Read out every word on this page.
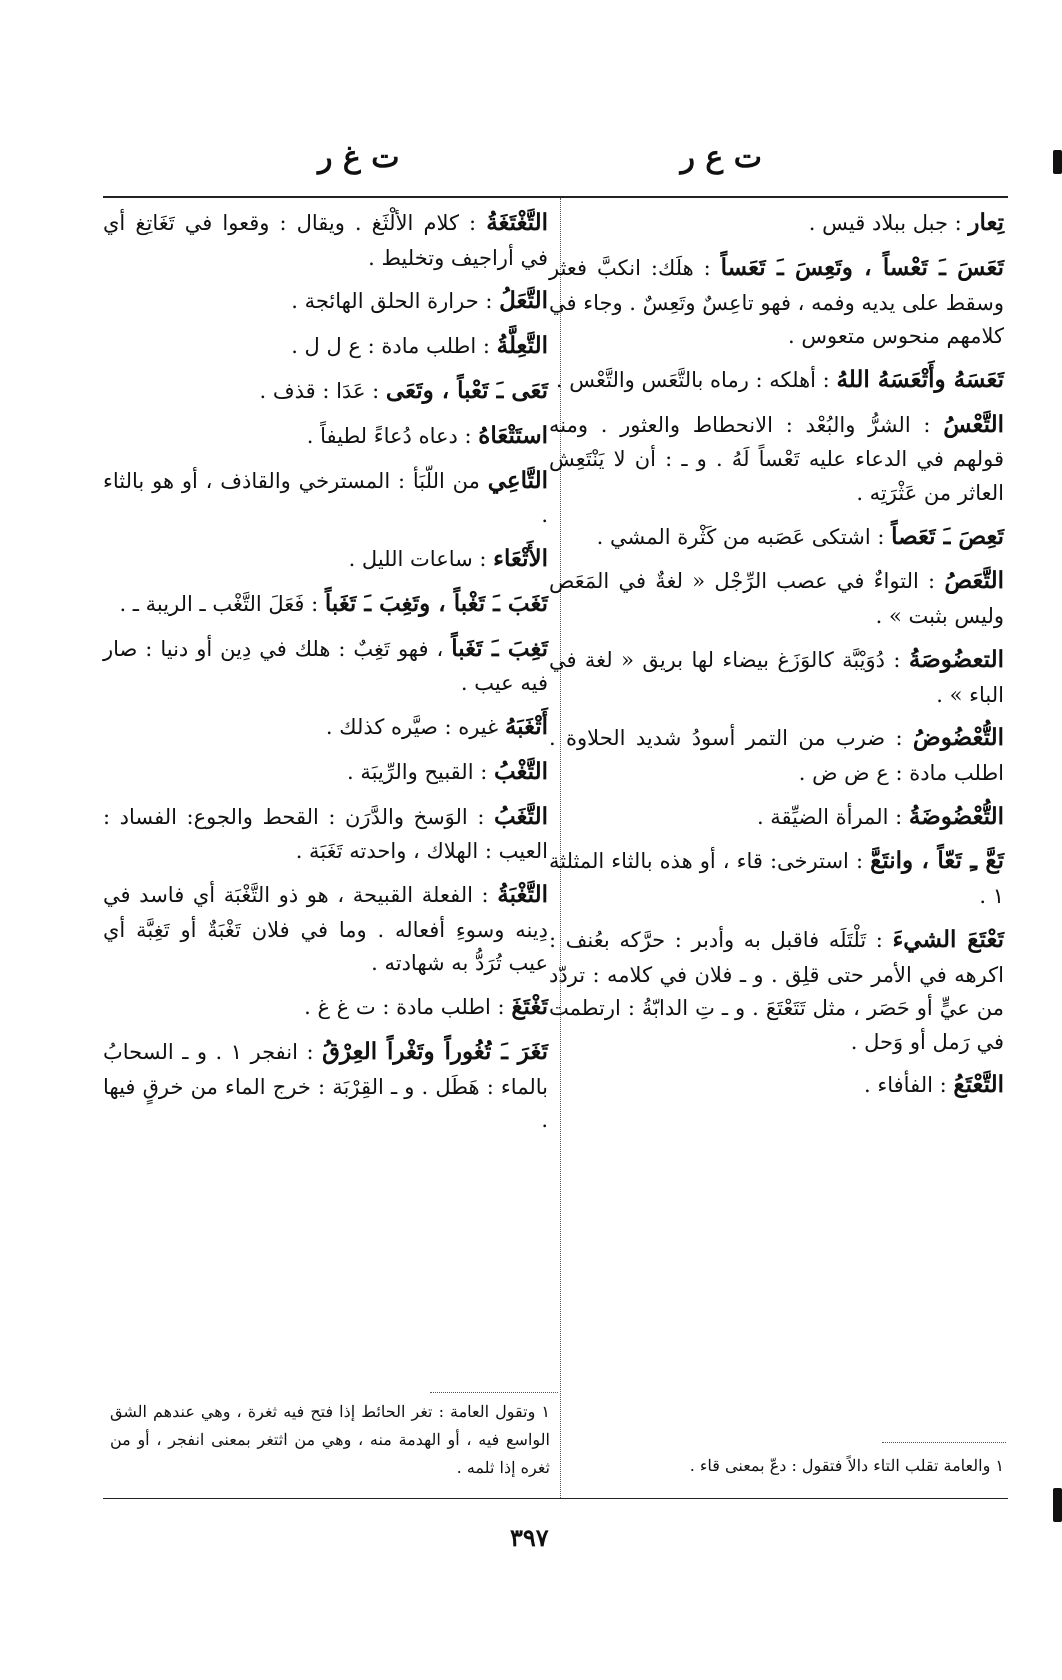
ت ع ر
ت غ ر
تِعار : جبل ببلاد قيس .
تَعَسَ ـَ تَعْساً ، وتَعِسَ ـَ تَعَساً : هلَك: انكبَّ فعثر وسقط على يديه وفمه ، فهو تاعِسٌ وتَعِسٌ . وجاء في كلامهم منحوس متعوس .
تَعَسَهُ وأَتْعَسَهُ اللهُ : أهلكه : رماه بالتَّعَس والتَّعْس .
التَّعْسُ : الشرُّ والبُعْد : الانحطاط والعثور . ومنه قولهم في الدعاء عليه تَعْساً لَهُ . و ـ : أن لا يَنْتَعِش العاثر من عَثْرَتِه .
تَعِصَ ـَ تَعَصاً : اشتكى عَصَبه من كَثْرة المشي .
التَّعَصُ : التواءٌ في عصب الرِّجْل « لغةٌ في المَعَص وليس بثبت » .
التعضُوصَةُ : دُوَيْبَّة كالوَزَغ بيضاء لها بريق « لغة في الباء » .
التُّعْضُوضُ : ضرب من التمر أسودُ شديد الحلاوة . اطلب مادة : ع ض ض .
التُّعْضُوضَةُ : المرأة الضيِّقة .
تَعَّ ـِ تَعّاً ، وانتَعَّ : استرخى: قاء ، أو هذه بالثاء المثلثة ١ .
تَعْتَعَ الشيءَ : تَلْتَلَه فاقبل به وأدبر : حرَّكه بعُنف : اكرهه في الأمر حتى قلِق . و ـ فلان في كلامه : تردّد من عيٍّ أو حَصَر ، مثل تَتَعْتَعَ . و ـ تِ الدابّةُ : ارتطمت في رَمل أو وَحل .
التَّعْتَعُ : الفأفاء .
التَّغْتَغَةُ : كلام الألْثَغ . ويقال : وقعوا في تَغَاتِغ أي في أراجيف وتخليط .
التَّعَلُ : حرارة الحلق الهائجة .
التَّعِلَّةُ : اطلب مادة : ع ل ل .
تَعَى ـَ تَعْباً ، وتَعَى : عَدَا : قذف .
استَتْعَاهُ : دعاه دُعاءً لطيفاً .
التَّاعِي من اللّبَأ : المسترخي والقاذف ، أو هو بالثاء .
الأَتْعَاء : ساعات الليل .
تَغَبَ ـَ تَغْباً ، وتَغِبَ ـَ تَغَباً : فَعَلَ التَّغْب ـ الريبة ـ .
تَغِبَ ـَ تَغَباً ، فهو تَغِبٌ : هلك في دِين أو دنيا : صار فيه عيب .
أَتْغَبَهُ غيره : صيَّره كذلك .
التَّغْبُ : القبيح والرِّيبَة .
التَّغَبُ : الوَسخ والدَّرَن : القحط والجوع: الفساد : العيب : الهلاك ، واحدته تَغَبَة .
التَّغْبَةُ : الفعلة القبيحة ، هو ذو التَّغْبَة أي فاسد في دِينه وسوءِ أفعاله . وما في فلان تَغْبَةٌ أو تَغِبَّة أي عيب تُرَدُّ به شهادته .
تَغْتَغَ : اطلب مادة : ت غ غ .
تَغَرَ ـَ تُغُوراً وتَغْراً العِرْقُ : انفجر ١ . و ـ السحابُ بالماء : هَطَل . و ـ القِرْبَة : خرج الماء من خرقٍ فيها .
١ وتقول العامة : تغر الحائط إذا فتح فيه ثغرة ، وهي عندهم الشق الواسع فيه ، أو الهدمة منه ، وهي من اثتغر بمعنى انفجر ، أو من ثغره إذا ثلمه .	١ والعامة تقلب التاء دالاً فتقول : دعّ بمعنى قاء .
٣٩٧
